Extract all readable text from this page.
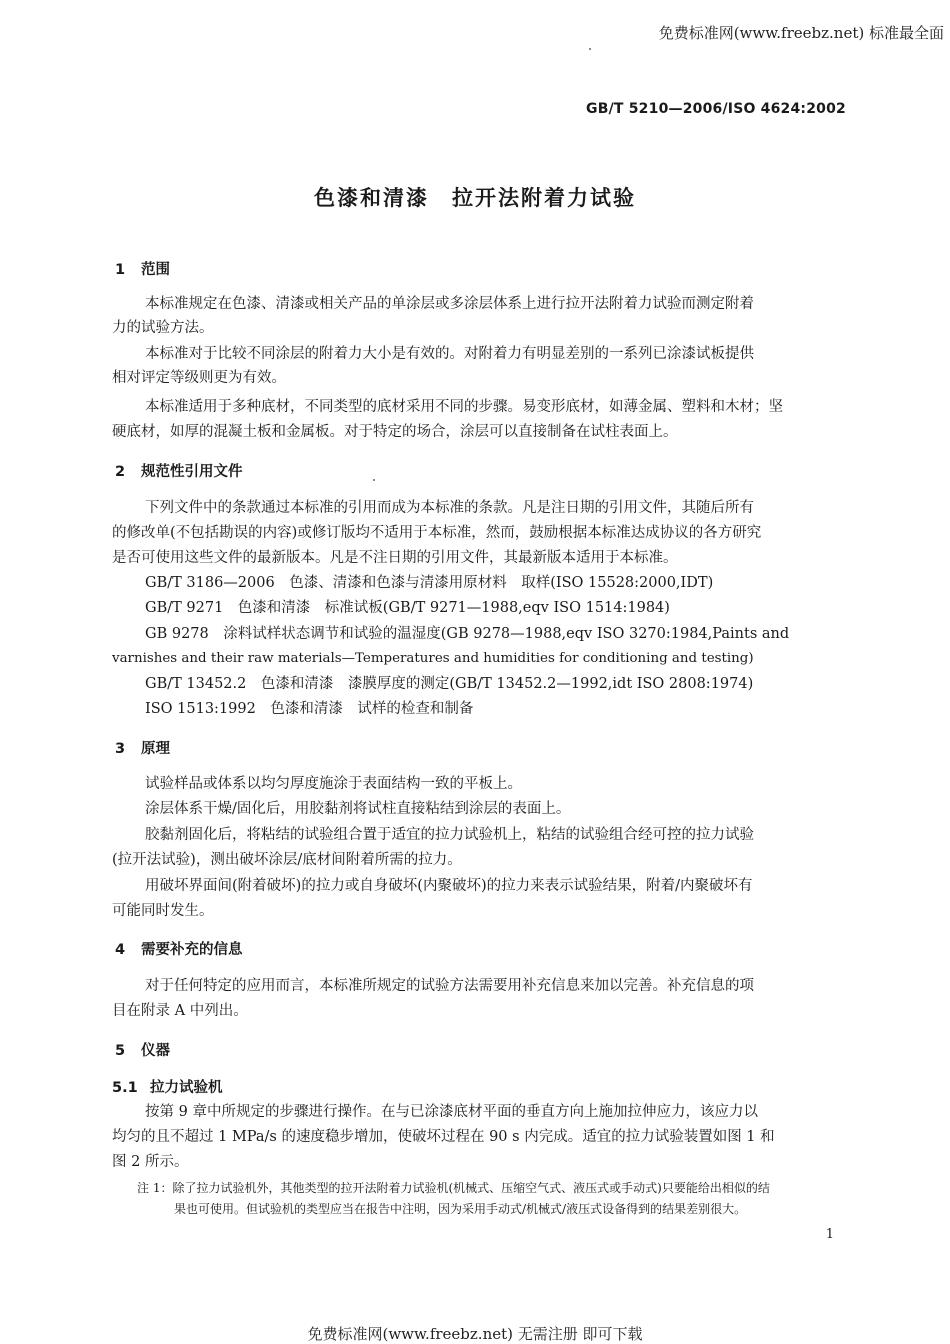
免费标准网(www.freebz.net) 标准最全面
GB/T 5210—2006/ISO 4624:2002
色漆和清漆　拉开法附着力试验
1 范围
本标准规定在色漆、清漆或相关产品的单涂层或多涂层体系上进行拉开法附着力试验而测定附着
力的试验方法。
本标准对于比较不同涂层的附着力大小是有效的。对附着力有明显差别的一系列已涂漆试板提供
相对评定等级则更为有效。
本标准适用于多种底材，不同类型的底材采用不同的步骤。易变形底材，如薄金属、塑料和木材；坚
硬底材，如厚的混凝土板和金属板。对于特定的场合，涂层可以直接制备在试柱表面上。
2 规范性引用文件
下列文件中的条款通过本标准的引用而成为本标准的条款。凡是注日期的引用文件，其随后所有
的修改单(不包括勘误的内容)或修订版均不适用于本标准，然而，鼓励根据本标准达成协议的各方研究
是否可使用这些文件的最新版本。凡是不注日期的引用文件，其最新版本适用于本标准。
GB/T 3186—2006　色漆、清漆和色漆与清漆用原材料　取样(ISO 15528:2000,IDT)
GB/T 9271　色漆和清漆　标准试板(GB/T 9271—1988,eqv ISO 1514:1984)
GB 9278　涂料试样状态调节和试验的温湿度(GB 9278—1988,eqv ISO 3270:1984,Paints and
varnishes and their raw materials—Temperatures and humidities for conditioning and testing)
GB/T 13452.2　色漆和清漆　漆膜厚度的测定(GB/T 13452.2—1992,idt ISO 2808:1974)
ISO 1513:1992　色漆和清漆　试样的检查和制备
3 原理
试验样品或体系以均匀厚度施涂于表面结构一致的平板上。
涂层体系干燥/固化后，用胶黏剂将试柱直接粘结到涂层的表面上。
胶黏剂固化后，将粘结的试验组合置于适宜的拉力试验机上，粘结的试验组合经可控的拉力试验
(拉开法试验)，测出破坏涂层/底材间附着所需的拉力。
用破坏界面间(附着破坏)的拉力或自身破坏(内聚破坏)的拉力来表示试验结果，附着/内聚破坏有
可能同时发生。
4 需要补充的信息
对于任何特定的应用而言，本标准所规定的试验方法需要用补充信息来加以完善。补充信息的项
目在附录 A 中列出。
5 仪器
5.1 拉力试验机
按第 9 章中所规定的步骤进行操作。在与已涂漆底材平面的垂直方向上施加拉伸应力，该应力以
均匀的且不超过 1 MPa/s 的速度稳步增加，使破坏过程在 90 s 内完成。适宜的拉力试验装置如图 1 和
图 2 所示。
注 1：除了拉力试验机外，其他类型的拉开法附着力试验机(机械式、压缩空气式、液压式或手动式)只要能给出相似的结
果也可使用。但试验机的类型应当在报告中注明，因为采用手动式/机械式/液压式设备得到的结果差别很大。
1
免费标准网(www.freebz.net) 无需注册 即可下载
